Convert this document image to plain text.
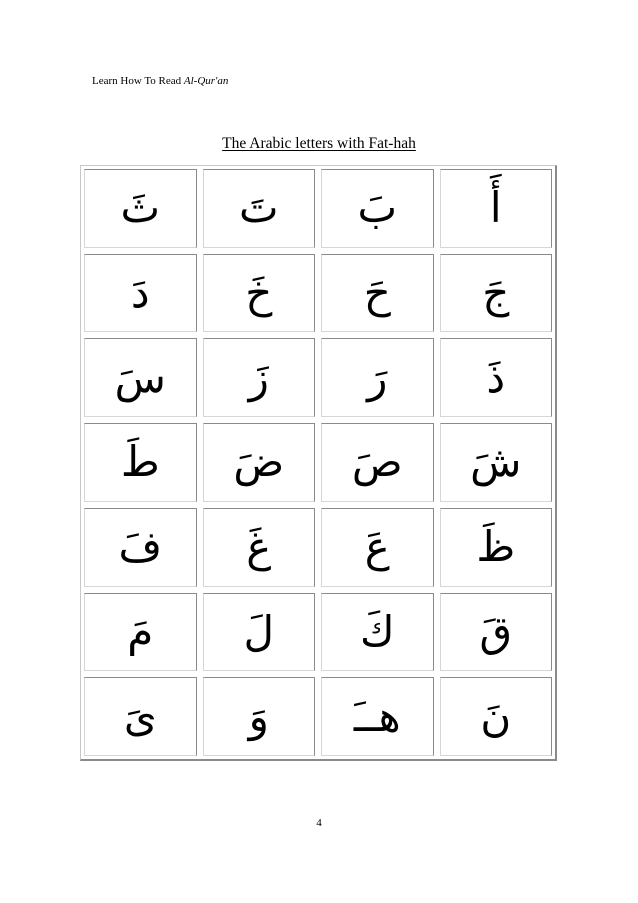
Learn How To Read Al-Qur'an
The Arabic letters with Fat-hah
أَ
بَ
تَ
ثَ
جَ
حَ
خَ
دَ
ذَ
رَ
زَ
سَ
شَ
صَ
ضَ
طَ
ظَ
عَ
غَ
فَ
قَ
كَ
لَ
مَ
نَ
هــَ
وَ
ىَ
4
